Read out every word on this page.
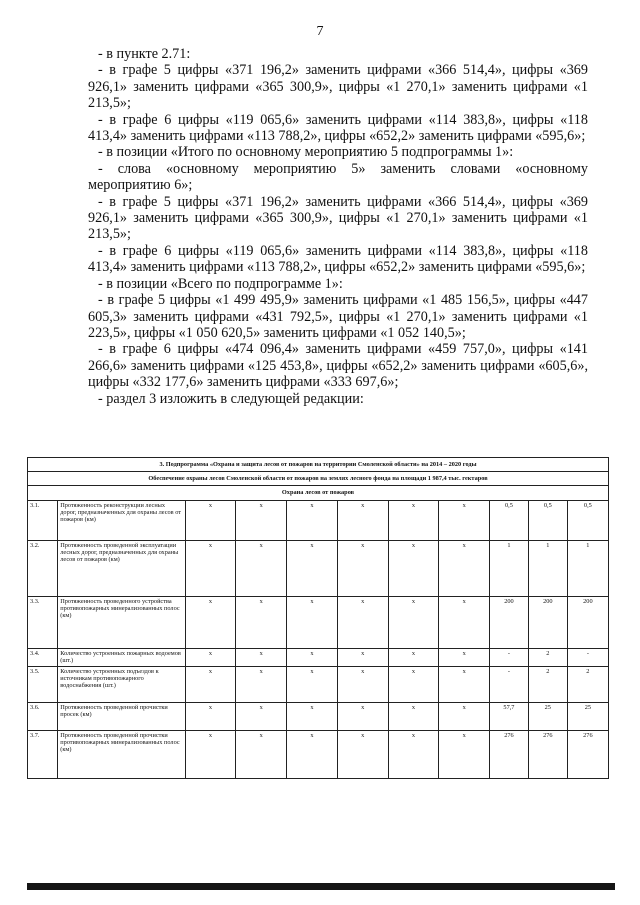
7

- в пункте 2.71:

- в графе 5 цифры «371 196,2» заменить цифрами «366 514,4», цифры «369 926,1» заменить цифрами «365 300,9», цифры «1 270,1» заменить цифрами «1 213,5»;

- в графе 6 цифры «119 065,6» заменить цифрами «114 383,8», цифры «118 413,4» заменить цифрами «113 788,2», цифры «652,2» заменить цифрами «595,6»;

- в позиции «Итого по основному мероприятию 5 подпрограммы 1»:

- слова «основному мероприятию 5» заменить словами «основному мероприятию 6»;

- в графе 5 цифры «371 196,2» заменить цифрами «366 514,4», цифры «369 926,1» заменить цифрами «365 300,9», цифры «1 270,1» заменить цифрами «1 213,5»;

- в графе 6 цифры «119 065,6» заменить цифрами «114 383,8», цифры «118 413,4» заменить цифрами «113 788,2», цифры «652,2» заменить цифрами «595,6»;

- в позиции «Всего по подпрограмме 1»:

- в графе 5 цифры «1 499 495,9» заменить цифрами «1 485 156,5», цифры «447 605,3» заменить цифрами «431 792,5», цифры «1 270,1» заменить цифрами «1 223,5», цифры «1 050 620,5» заменить цифрами «1 052 140,5»;

- в графе 6 цифры «474 096,4» заменить цифрами «459 757,0», цифры «141 266,6» заменить цифрами «125 453,8», цифры «652,2» заменить цифрами «605,6», цифры «332 177,6» заменить цифрами «333 697,6»;

- раздел 3 изложить в следующей редакции:

3. Подпрограмма «Охрана и защита лесов от пожаров на территории Смоленской области» на 2014 – 2020 годы										
Обеспечение охраны лесов Смоленской области от пожаров на землях лесного фонда на площади 1 987,4 тыс. гектаров										
Охрана лесов от пожаров										
3.1.	Протяженность реконструкции лесных дорог, предназначенных для охраны лесов от пожаров (км)	х	х	х	х	х	х	0,5	0,5	0,5
3.2.	Протяженность проведенной эксплуатации лесных дорог, предназначенных для охраны лесов от пожаров (км)	х	х	х	х	х	х	1	1	1
3.3.	Протяженность проведенного устройства противопожарных минерализованных полос (км)	х	х	х	х	х	х	200	200	200
3.4.	Количество устроенных пожарных водоемов (шт.)	х	х	х	х	х	х	-	2	-
3.5.	Количество устроенных подъездов к источникам противопожарного водоснабжения (шт.)	х	х	х	х	х	х	-	2	2
3.6.	Протяженность проведенной прочистки просек (км)	х	х	х	х	х	х	57,7	25	25
3.7.	Протяженность проведенной прочистки противопожарных минерализованных полос (км)	х	х	х	х	х	х	276	276	276
